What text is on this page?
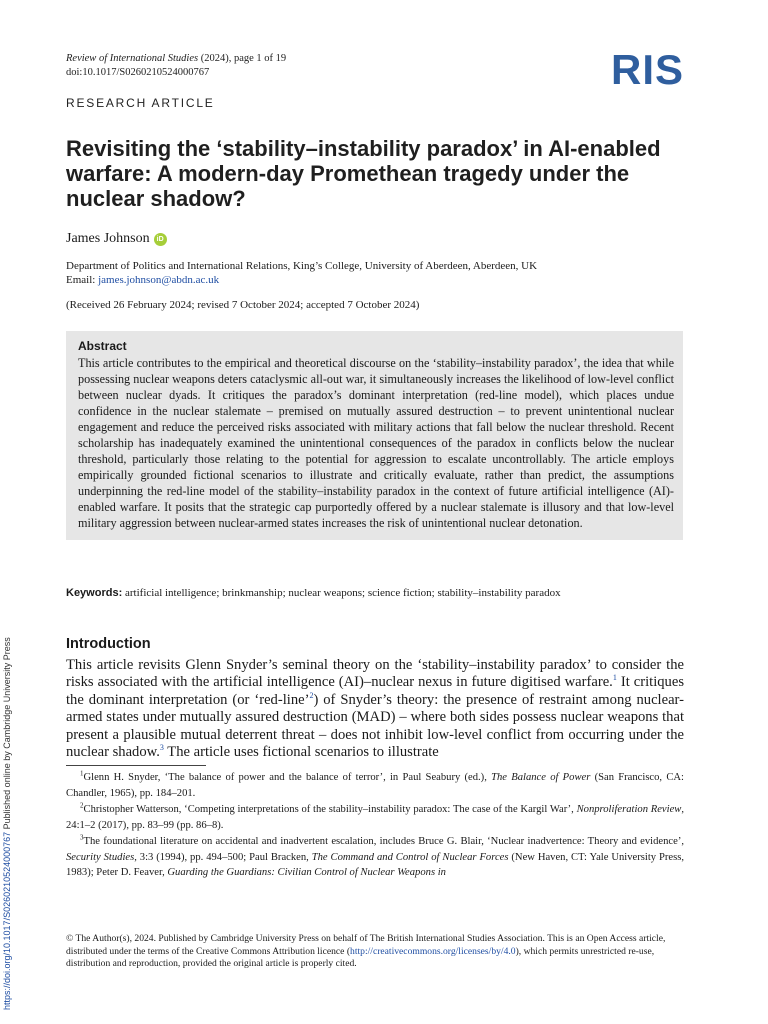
Review of International Studies (2024), page 1 of 19
doi:10.1017/S0260210524000767	RIS
RESEARCH ARTICLE
Revisiting the ‘stability–instability paradox’ in AI-enabled warfare: A modern-day Promethean tragedy under the nuclear shadow?
James Johnson	iD
Department of Politics and International Relations, King’s College, University of Aberdeen, Aberdeen, UK
Email: james.johnson@abdn.ac.uk
(Received 26 February 2024; revised 7 October 2024; accepted 7 October 2024)
Abstract

This article contributes to the empirical and theoretical discourse on the ‘stability–instability paradox’, the idea that while possessing nuclear weapons deters cataclysmic all-out war, it simultaneously increases the likelihood of low-level conflict between nuclear dyads. It critiques the paradox’s dominant interpretation (red-line model), which places undue confidence in the nuclear stalemate – premised on mutually assured destruction – to prevent unintentional nuclear engagement and reduce the perceived risks associated with military actions that fall below the nuclear threshold. Recent scholarship has inadequately examined the unintentional consequences of the paradox in conflicts below the nuclear threshold, particularly those relating to the potential for aggression to escalate uncontrollably. The article employs empirically grounded fictional scenarios to illustrate and critically evaluate, rather than predict, the assumptions underpinning the red-line model of the stability–instability paradox in the context of future artificial intelligence (AI)-enabled warfare. It posits that the strategic cap purportedly offered by a nuclear stalemate is illusory and that low-level military aggression between nuclear-armed states increases the risk of unintentional nuclear detonation.

Keywords: artificial intelligence; brinkmanship; nuclear weapons; science fiction; stability–instability paradox
Introduction
This article revisits Glenn Snyder’s seminal theory on the ‘stability–instability paradox’ to consider the risks associated with the artificial intelligence (AI)–nuclear nexus in future digitised warfare.$^1$ It critiques the dominant interpretation (or ‘red-line’$^2$) of Snyder’s theory: the presence of restraint among nuclear-armed states under mutually assured destruction (MAD) – where both sides possess nuclear weapons that present a plausible mutual deterrent threat – does not inhibit low-level conflict from occurring under the nuclear shadow.$^3$ The article uses fictional scenarios to illustrate

$^1$Glenn H. Snyder, ‘The balance of power and the balance of terror’, in Paul Seabury (ed.), The Balance of Power (San Francisco, CA: Chandler, 1965), pp. 184–201.

$^2$Christopher Watterson, ‘Competing interpretations of the stability–instability paradox: The case of the Kargil War’, Nonproliferation Review, 24:1–2 (2017), pp. 83–99 (pp. 86–8).

$^3$The foundational literature on accidental and inadvertent escalation, includes Bruce G. Blair, ‘Nuclear inadvertence: Theory and evidence’, Security Studies, 3:3 (1994), pp. 494–500; Paul Bracken, The Command and Control of Nuclear Forces (New Haven, CT: Yale University Press, 1983); Peter D. Feaver, Guarding the Guardians: Civilian Control of Nuclear Weapons in

© The Author(s), 2024. Published by Cambridge University Press on behalf of The British International Studies Association. This is an Open Access article, distributed under the terms of the Creative Commons Attribution licence (http://creativecommons.org/licenses/by/4.0), which permits unrestricted re-use, distribution and reproduction, provided the original article is properly cited.
https://doi.org/10.1017/S0260210524000767 Published online by Cambridge University Press
